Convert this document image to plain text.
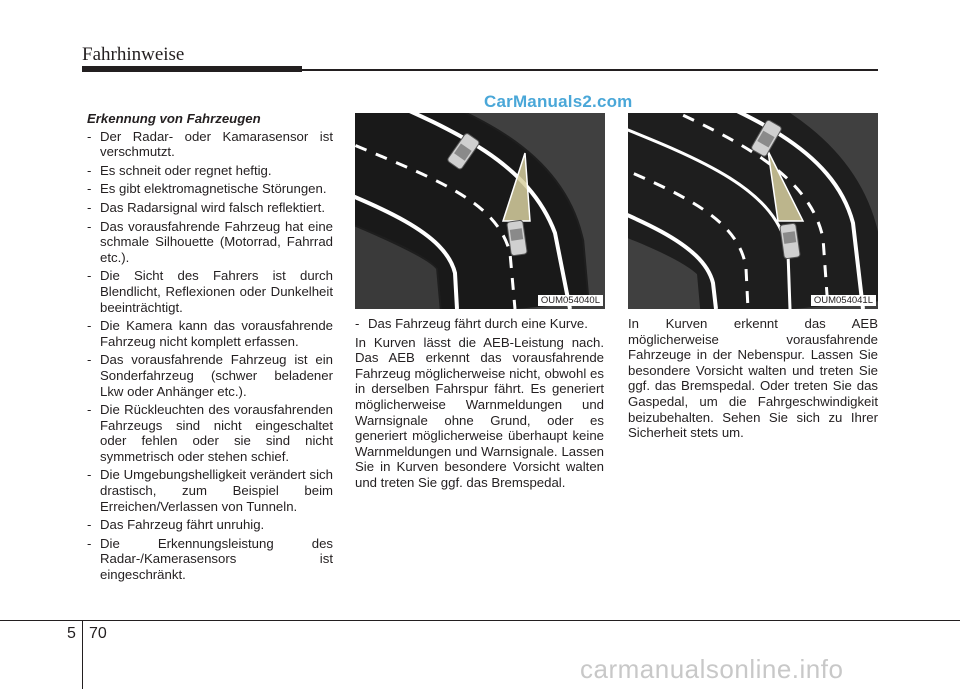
Fahrhinweise
CarManuals2.com
Erkennung von Fahrzeugen
- Der Radar- oder Kamarasensor ist verschmutzt.
- Es schneit oder regnet heftig.
- Es gibt elektromagnetische Störungen.
- Das Radarsignal wird falsch reflektiert.
- Das vorausfahrende Fahrzeug hat eine schmale Silhouette (Motorrad, Fahrrad etc.).
- Die Sicht des Fahrers ist durch Blendlicht, Reflexionen oder Dunkelheit beeinträchtigt.
- Die Kamera kann das vorausfahrende Fahrzeug nicht komplett erfassen.
- Das vorausfahrende Fahrzeug ist ein Sonderfahrzeug (schwer beladener Lkw oder Anhänger etc.).
- Die Rückleuchten des vorausfahrenden Fahrzeugs sind nicht eingeschaltet oder fehlen oder sie sind nicht symmetrisch oder stehen schief.
- Die Umgebungshelligkeit verändert sich drastisch, zum Beispiel beim Erreichen/Verlassen von Tunneln.
- Das Fahrzeug fährt unruhig.
- Die Erkennungsleistung des Radar-/Kamerasensors ist eingeschränkt.
OUM054040L	OUM054041L
- Das Fahrzeug fährt durch eine Kurve.
In Kurven lässt die AEB-Leistung nach. Das AEB erkennt das vorausfahrende Fahrzeug möglicherweise nicht, obwohl es in derselben Fahrspur fährt. Es generiert möglicherweise Warnmeldungen und Warnsignale ohne Grund, oder es generiert möglicherweise überhaupt keine Warnmeldungen und Warnsignale. Lassen Sie in Kurven besondere Vorsicht walten und treten Sie ggf. das Bremspedal.
In Kurven erkennt das AEB möglicherweise vorausfahrende Fahrzeuge in der Nebenspur. Lassen Sie besondere Vorsicht walten und treten Sie ggf. das Bremspedal. Oder treten Sie das Gaspedal, um die Fahrgeschwindigkeit beizubehalten. Sehen Sie sich zu Ihrer Sicherheit stets um.
5 70
carmanualsonline.info
